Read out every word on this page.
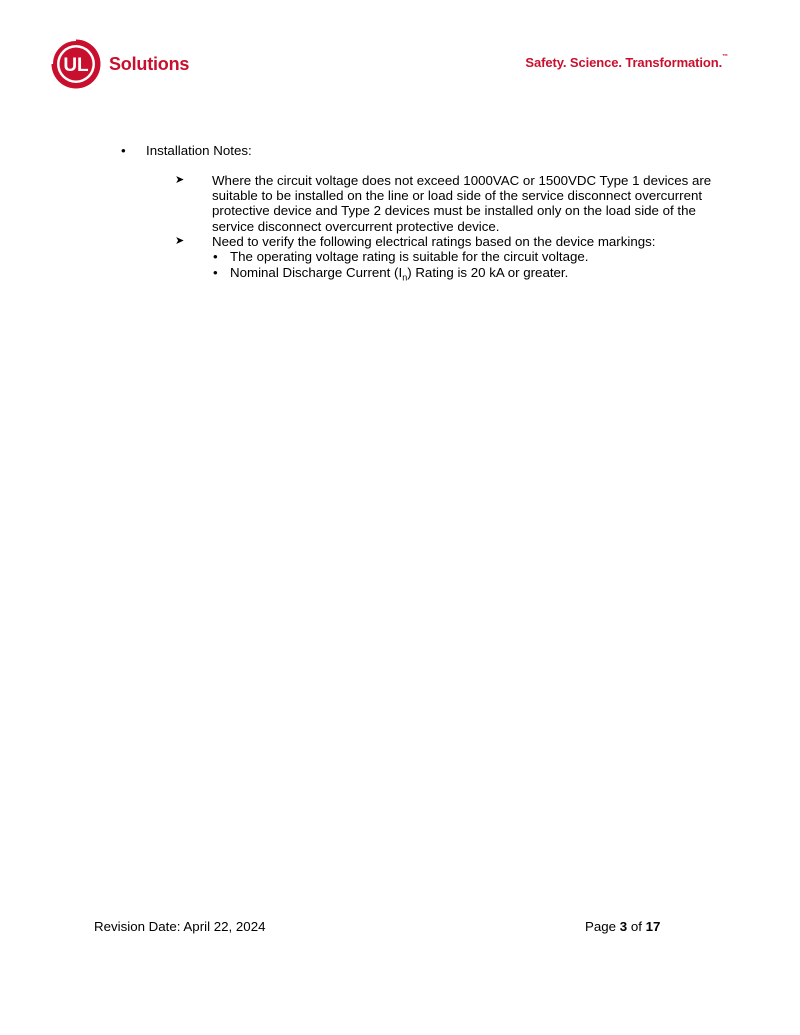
UL Solutions	Safety. Science. Transformation.™
• Installation Notes:
➤ Where the circuit voltage does not exceed 1000VAC or 1500VDC Type 1 devices are suitable to be installed on the line or load side of the service disconnect overcurrent protective device and Type 2 devices must be installed only on the load side of the service disconnect overcurrent protective device.
➤ Need to verify the following electrical ratings based on the device markings:
• The operating voltage rating is suitable for the circuit voltage.
• Nominal Discharge Current $(I_n)$ Rating is 20 kA or greater.
Revision Date: April 22, 2024	Page 3 of 17
